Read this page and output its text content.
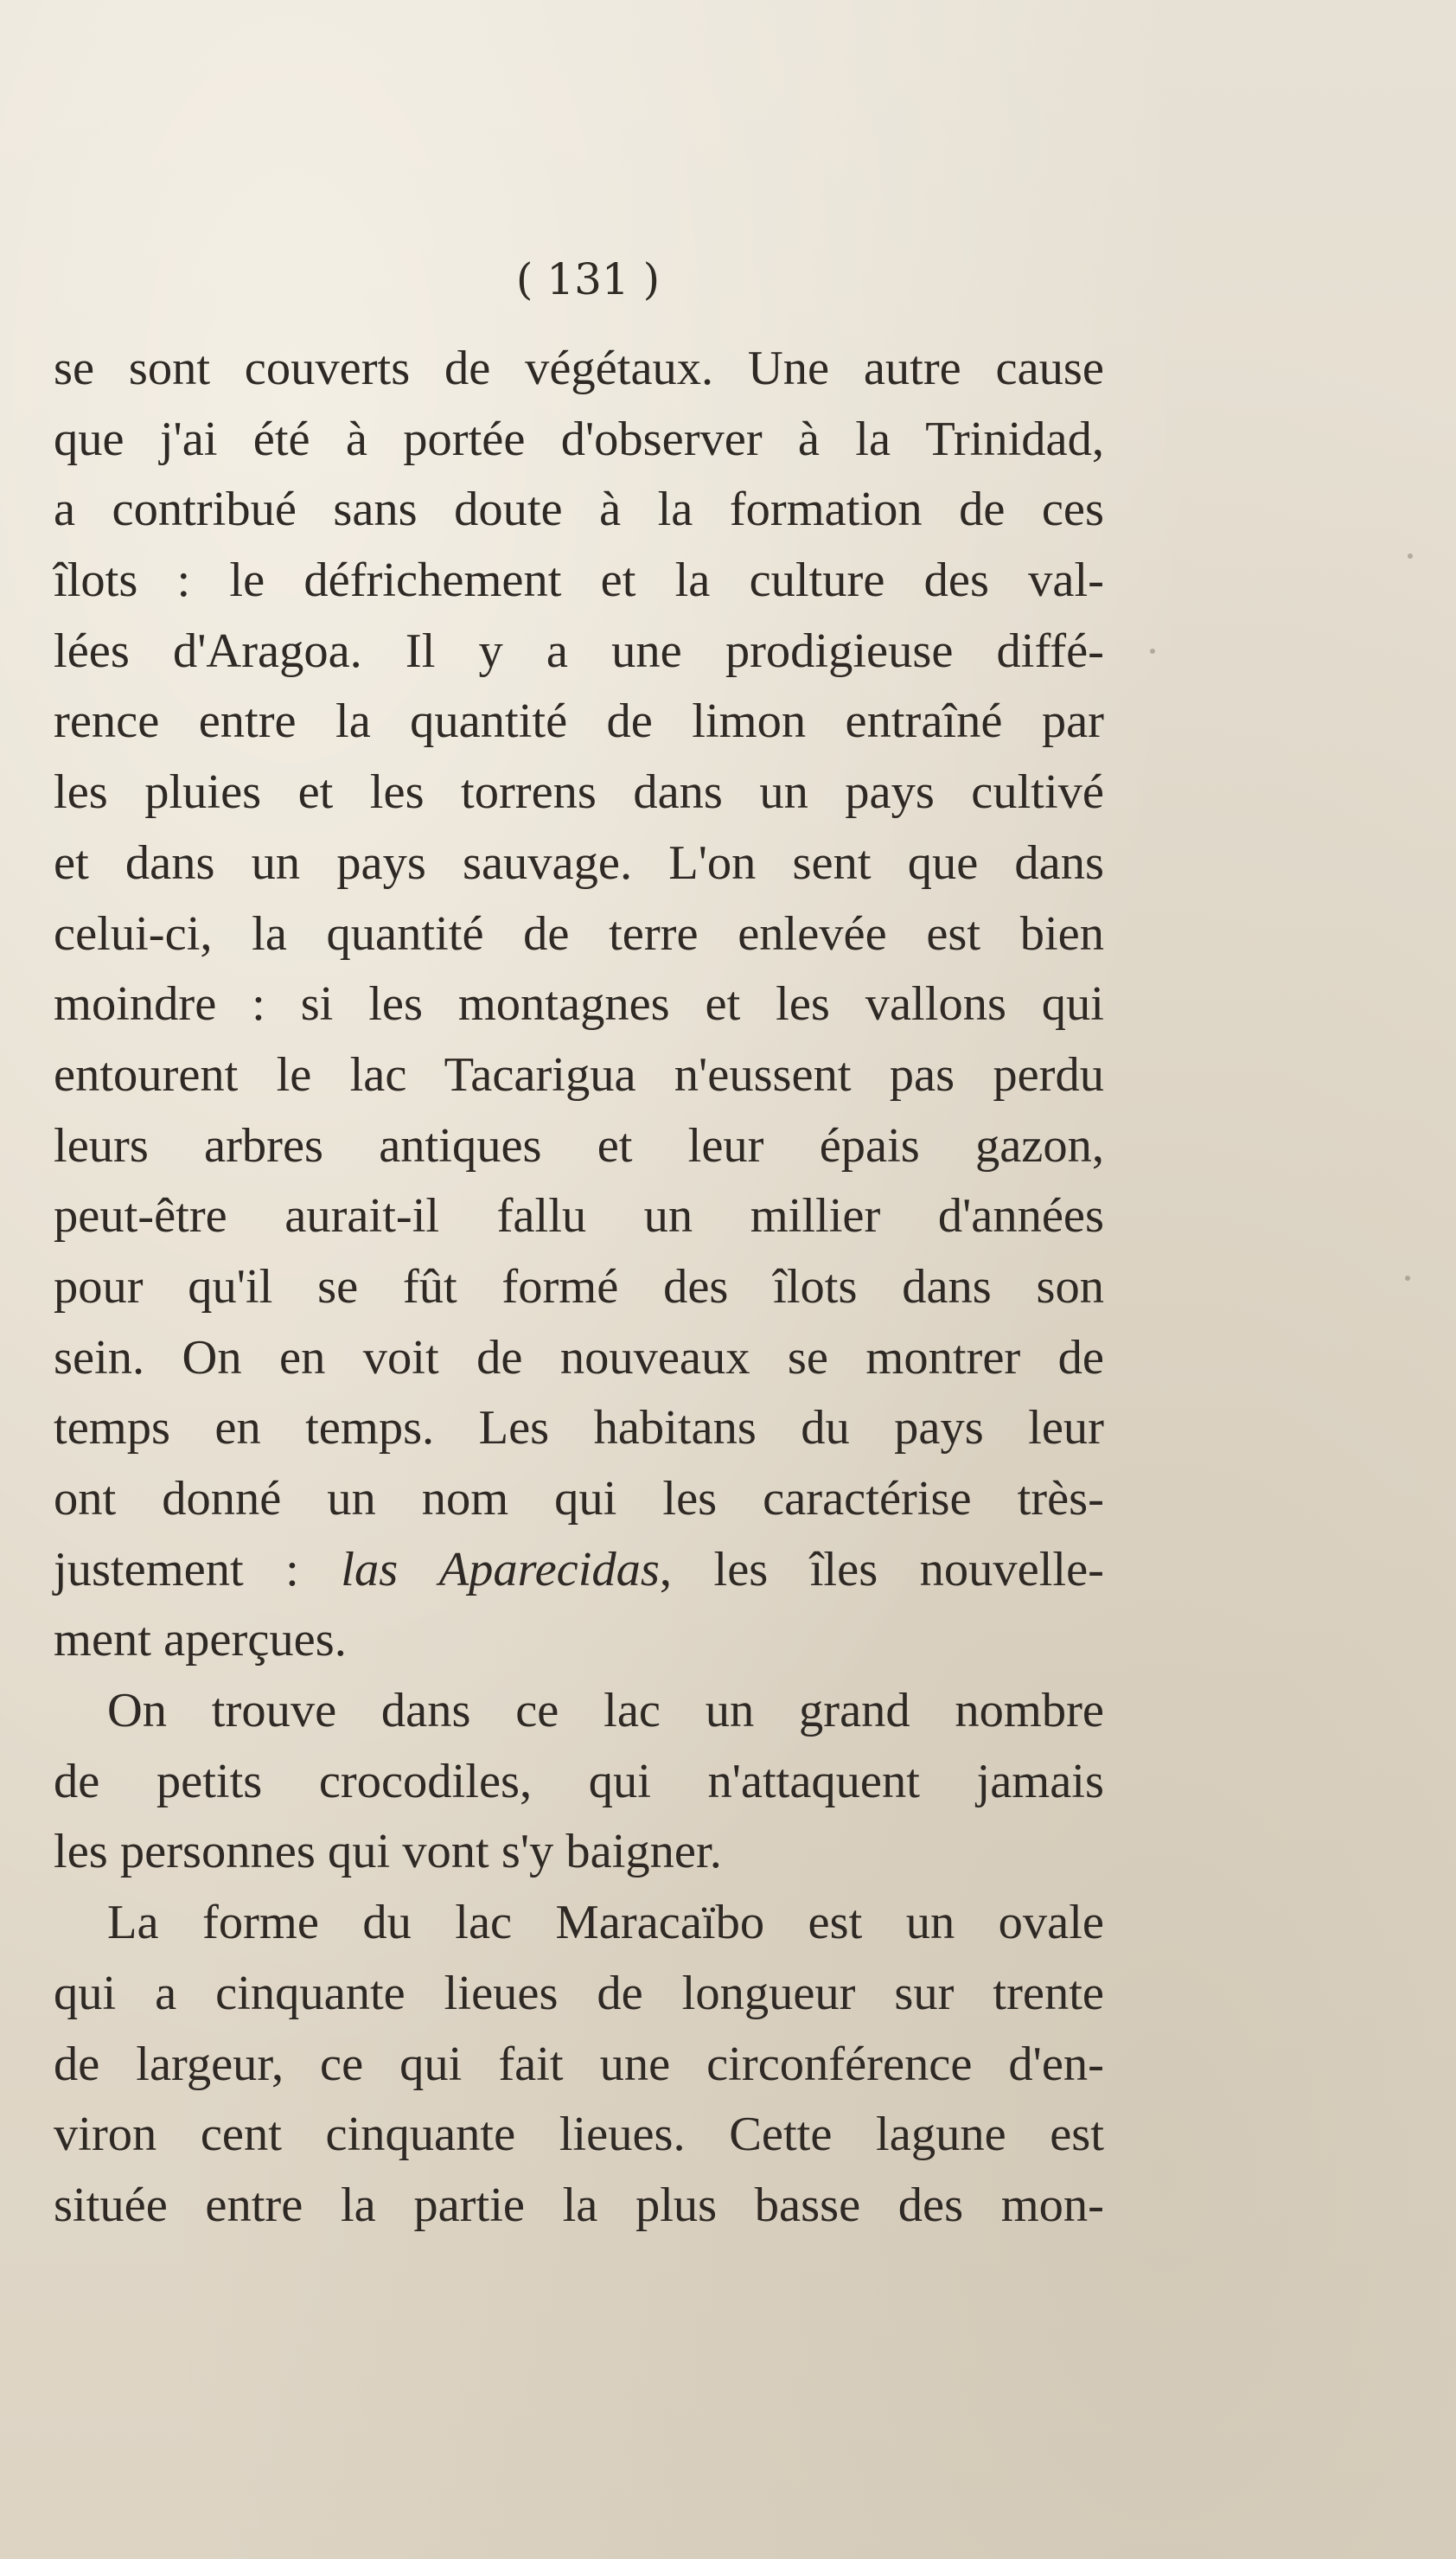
( 131 )

se sont couverts de végétaux. Une autre cause
que j'ai été à portée d'observer à la Trinidad,
a contribué sans doute à la formation de ces
îlots : le défrichement et la culture des val-
lées d'Aragoa. Il y a une prodigieuse diffé-
rence entre la quantité de limon entraîné par
les pluies et les torrens dans un pays cultivé
et dans un pays sauvage. L'on sent que dans
celui-ci, la quantité de terre enlevée est bien
moindre : si les montagnes et les vallons qui
entourent le lac Tacarigua n'eussent pas perdu
leurs arbres antiques et leur épais gazon,
peut-être aurait-il fallu un millier d'années
pour qu'il se fût formé des îlots dans son
sein. On en voit de nouveaux se montrer de
temps en temps. Les habitans du pays leur
ont donné un nom qui les caractérise très-
justement : las Aparecidas, les îles nouvelle-
ment aperçues.
On trouve dans ce lac un grand nombre
de petits crocodiles, qui n'attaquent jamais
les personnes qui vont s'y baigner.
La forme du lac Maracaïbo est un ovale
qui a cinquante lieues de longueur sur trente
de largeur, ce qui fait une circonférence d'en-
viron cent cinquante lieues. Cette lagune est
située entre la partie la plus basse des mon-
